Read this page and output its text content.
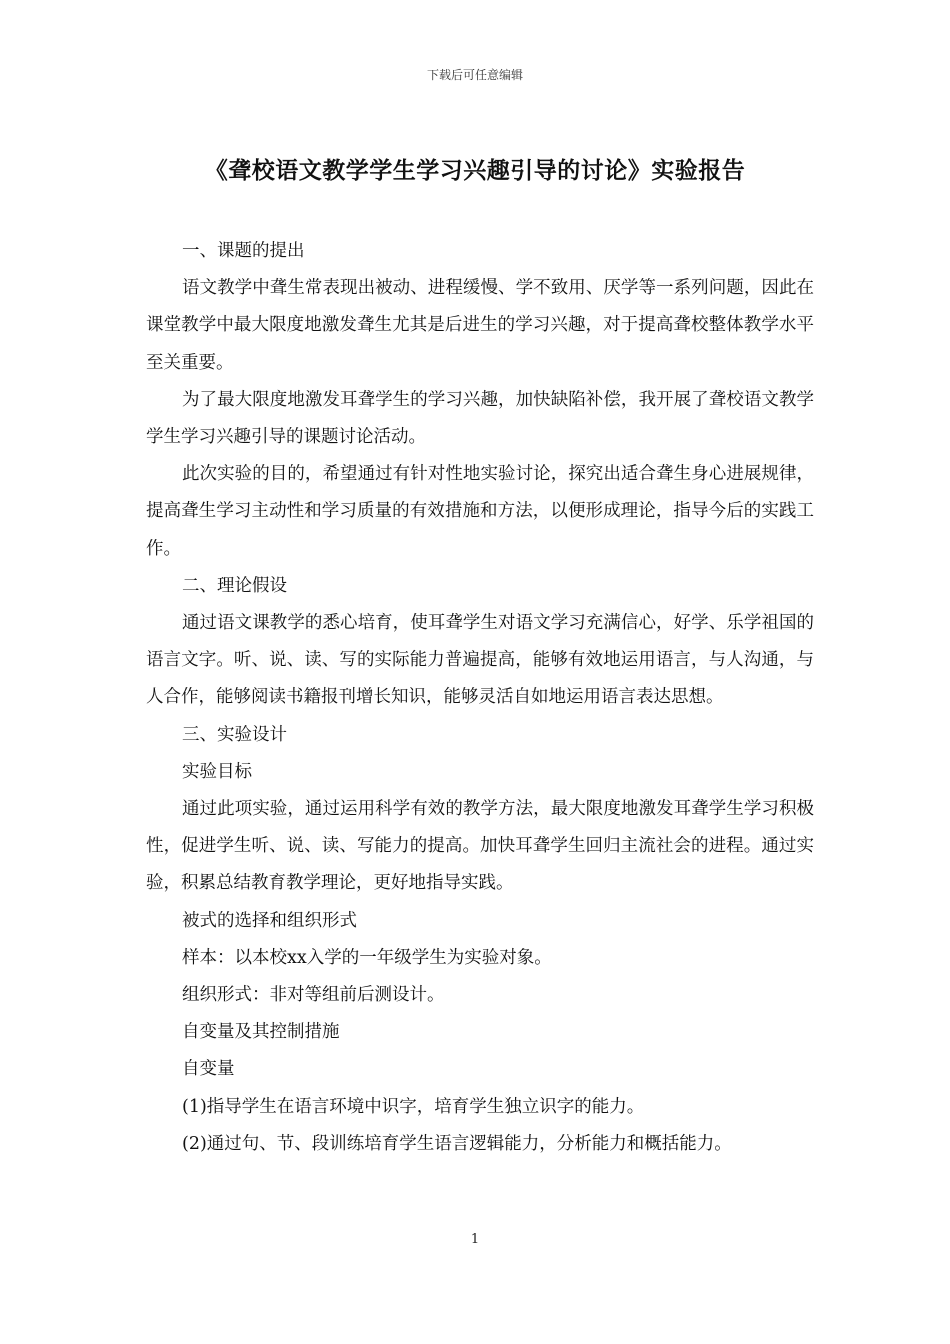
下载后可任意编辑
《聋校语文教学学生学习兴趣引导的讨论》实验报告

一、课题的提出

语文教学中聋生常表现出被动、进程缓慢、学不致用、厌学等一系列问题，因此在课堂教学中最大限度地激发聋生尤其是后进生的学习兴趣，对于提高聋校整体教学水平至关重要。

为了最大限度地激发耳聋学生的学习兴趣，加快缺陷补偿，我开展了聋校语文教学学生学习兴趣引导的课题讨论活动。

此次实验的目的，希望通过有针对性地实验讨论，探究出适合聋生身心进展规律，提高聋生学习主动性和学习质量的有效措施和方法，以便形成理论，指导今后的实践工作。

二、理论假设

通过语文课教学的悉心培育，使耳聋学生对语文学习充满信心，好学、乐学祖国的语言文字。听、说、读、写的实际能力普遍提高，能够有效地运用语言，与人沟通，与人合作，能够阅读书籍报刊增长知识，能够灵活自如地运用语言表达思想。

三、实验设计

实验目标

通过此项实验，通过运用科学有效的教学方法，最大限度地激发耳聋学生学习积极性，促进学生听、说、读、写能力的提高。加快耳聋学生回归主流社会的进程。通过实验，积累总结教育教学理论，更好地指导实践。

被式的选择和组织形式

样本：以本校xx入学的一年级学生为实验对象。

组织形式：非对等组前后测设计。

自变量及其控制措施

自变量

(1)指导学生在语言环境中识字，培育学生独立识字的能力。

(2)通过句、节、段训练培育学生语言逻辑能力，分析能力和概括能力。

1
